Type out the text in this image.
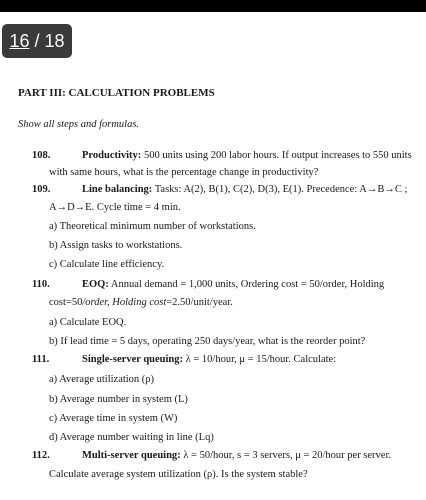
16 / 18
PART III: CALCULATION PROBLEMS
Show all steps and formulas.
108.	Productivity: 500 units using 200 labor hours. If output increases to 550 units
with same hours, what is the percentage change in productivity?
109.	Line balancing: Tasks: A(2), B(1), C(2), D(3), E(1). Precedence: A→B→C ;
A→D→E. Cycle time = 4 min.
a) Theoretical minimum number of workstations.
b) Assign tasks to workstations.
c) Calculate line efficiency.
110.	EOQ: Annual demand = 1,000 units, Ordering cost = 50/order, Holding
cost=50/order, Holding cost=2.50/unit/year.
a) Calculate EOQ.
b) If lead time = 5 days, operating 250 days/year, what is the reorder point?
111.	Single-server queuing: λ = 10/hour, μ = 15/hour. Calculate:
a) Average utilization (ρ)
b) Average number in system (L)
c) Average time in system (W)
d) Average number waiting in line (Lq)
112.	Multi-server queuing: λ = 50/hour, s = 3 servers, μ = 20/hour per server.
Calculate average system utilization (ρ). Is the system stable?
